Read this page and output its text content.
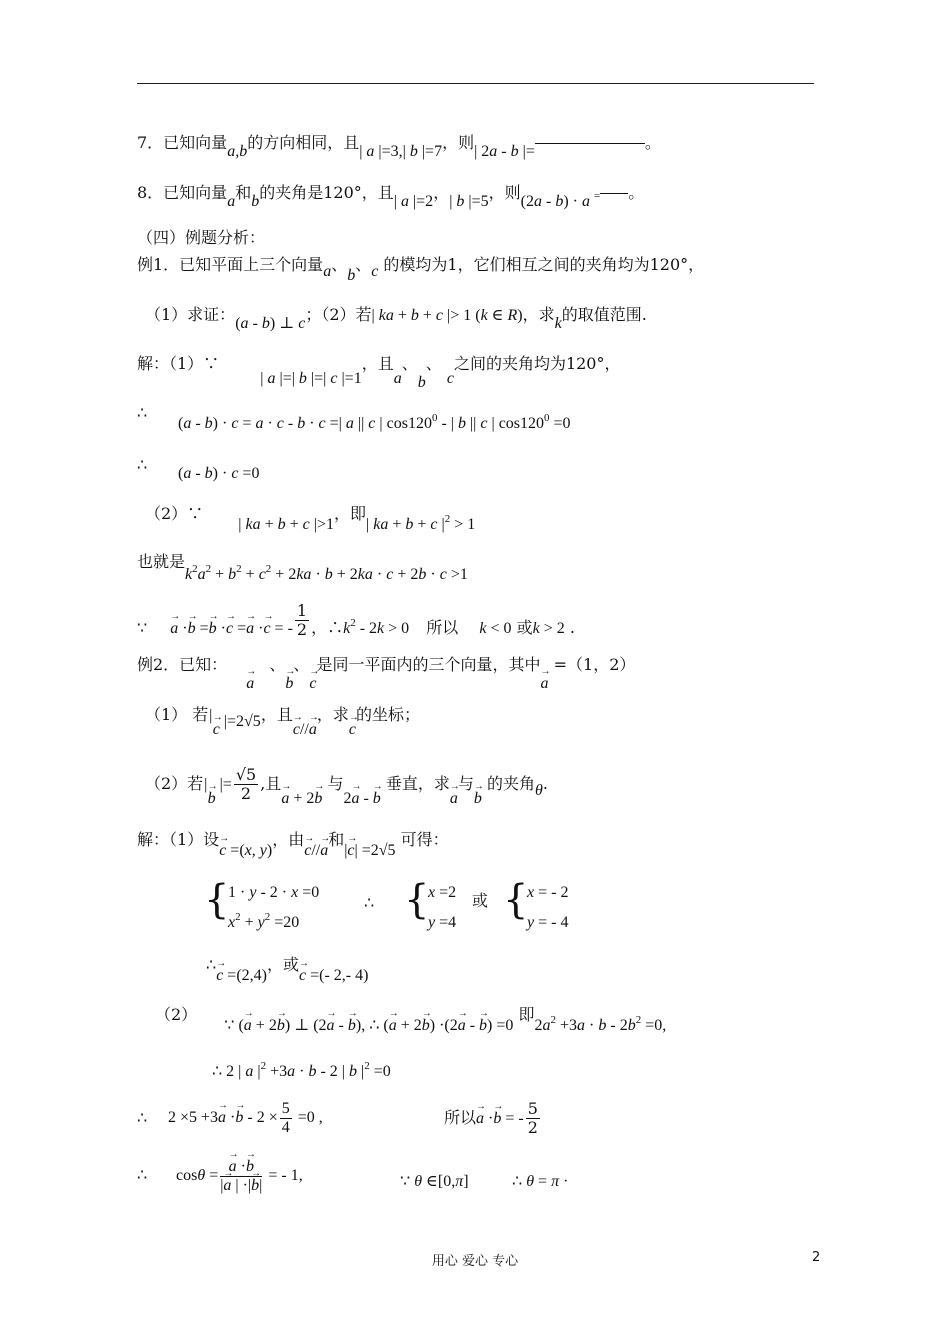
7．已知向量a,b的方向相同，且| a |=3,| b |=7，则| 2a - b |=	。
8．已知向量a和b的夹角是120°，且| a |=2，| b |=5，则(2a - b) · a = 。
（四）例题分析：
例1．已知平面上三个向量a、b、c 的模均为1，它们相互之间的夹角均为120°，
（1）求证：(a - b) ⊥ c；（2）若| ka + b + c |> 1 (k ∈ R)，求k的取值范围.
解：（1）∵ | a |=| b |=| c |=1，且a、b、 c之间的夹角均为120°，
∴
(a - b) · c = a · c - b · c =| a || c | $\cos 120^0$ - | b || c | $\cos 120^0 =0$
∴ (a - b) · c =0
（2）∵ | ka + b + c |>1，即| ka + b + c $|^2 > 1$
也就是$k^2a^2 + b^2 + c^2 + 2ka \cdot b + 2ka \cdot c + 2b \cdot c >1$
∵ → a ·→ b =→ b ·→ c =→ a ·→ c = - $\frac{1}{2}$ ，$\therefore k^2 - 2k > 0$ 所以 k < 0 或k > 2 .
例2．已知： → a 、→ b、→ c是同一平面内的三个向量，其中→ a =（1，2）
（1） 若|→ c |=2√5，且→ c//→ a，求→ c的坐标；
（2）若|→ b |= $\frac{√5}{2}$ ,且→ a + 2→ b 与2→ a - → b 垂直，求→ a与→ b 的夹角θ.
解：（1）设→ c =(x, y)，由→ c//→ a和|→ c| =2√5 可得：
{
1 · y - 2 · x =0
$x^2 + y^2 =20$
∴ {
x =2
y =4
或 {
x = - 2
y = - 4
∴→ c =(2,4)，或→ c =(- 2,- 4)
（2） ∵ (→ a + 2→ b) ⊥ (2→ a - → b), ∴ (→ a + 2→ b) ·(2→ a - → b) =0 即$2a^2 +3a \cdot b - 2b^2 =0$,
∴ 2 | a $|^2 +3a \cdot b - 2$ | b $|^2 =0$
∴ $2 \times 5 +3\to a \cdot\to b - 2 \times \frac{5}{4} =0$ ,	所以→ a ·→ b = - $\frac{5}{2}$
∴ cosθ = → $\frac{a \cdot\to b}{|\to a | \cdot|\to b|}$ = - 1,	∵ θ ∈[0,π]	∴ θ = π ·
用心 爱心 专心	2
